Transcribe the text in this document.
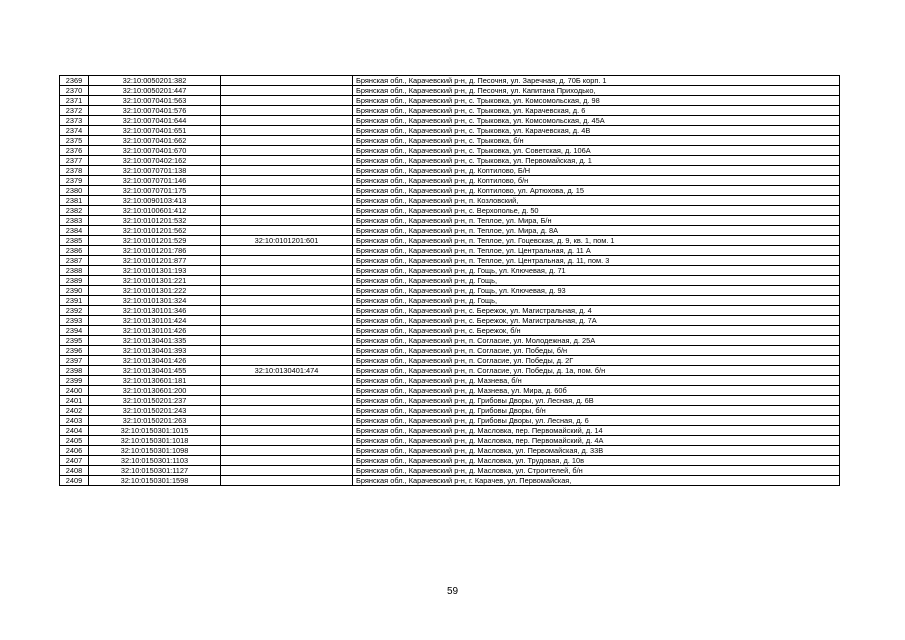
2369	32:10:0050201:382		Брянская обл., Карачевский р-н, д. Песочня, ул. Заречная, д. 70Б корп. 1
2370	32:10:0050201:447		Брянская обл., Карачевский р-н, д. Песочня, ул. Капитана Приходько,
2371	32:10:0070401:563		Брянская обл., Карачевский р-н, с. Трыковка, ул. Комсомольская, д. 98
2372	32:10:0070401:576		Брянская обл., Карачевский р-н, с. Трыковка, ул. Карачевская, д. 6
2373	32:10:0070401:644		Брянская обл., Карачевский р-н, с. Трыковка, ул. Комсомольская, д. 45А
2374	32:10:0070401:651		Брянская обл., Карачевский р-н, с. Трыковка, ул. Карачевская, д. 4В
2375	32:10:0070401:662		Брянская обл., Карачевский р-н, с. Трыковка, б/н
2376	32:10:0070401:670		Брянская обл., Карачевский р-н, с. Трыковка, ул. Советская, д. 106А
2377	32:10:0070402:162		Брянская обл., Карачевский р-н, с. Трыковка, ул. Первомайская, д. 1
2378	32:10:0070701:138		Брянская обл., Карачевский р-н, д. Коптилово, Б/Н
2379	32:10:0070701:146		Брянская обл., Карачевский р-н, д. Коптилово, б/н
2380	32:10:0070701:175		Брянская обл., Карачевский р-н, д. Коптилово, ул. Артюхова, д. 15
2381	32:10:0090103:413		Брянская обл., Карачевский р-н, п. Козловский,
2382	32:10:0100601:412		Брянская обл., Карачевский р-н, с. Верхополье, д. 50
2383	32:10:0101201:532		Брянская обл., Карачевский р-н, п. Теплое, ул. Мира, Б/н
2384	32:10:0101201:562		Брянская обл., Карачевский р-н, п. Теплое, ул. Мира, д. 8А
2385	32:10:0101201:529	32:10:0101201:601	Брянская обл., Карачевский р-н, п. Теплое, ул. Гоцевская, д. 9, кв. 1, пом. 1
2386	32:10:0101201:786		Брянская обл., Карачевский р-н, п. Теплое, ул. Центральная, д. 11 А
2387	32:10:0101201:877		Брянская обл., Карачевский р-н, п. Теплое, ул. Центральная, д. 11, пом. 3
2388	32:10:0101301:193		Брянская обл., Карачевский р-н, д. Гощь, ул. Ключевая, д. 71
2389	32:10:0101301:221		Брянская обл., Карачевский р-н, д. Гощь,
2390	32:10:0101301:222		Брянская обл., Карачевский р-н, д. Гощь, ул. Ключевая, д. 93
2391	32:10:0101301:324		Брянская обл., Карачевский р-н, д. Гощь,
2392	32:10:0130101:346		Брянская обл., Карачевский р-н, с. Бережок, ул. Магистральная, д. 4
2393	32:10:0130101:424		Брянская обл., Карачевский р-н, с. Бережок, ул. Магистральная, д. 7А
2394	32:10:0130101:426		Брянская обл., Карачевский р-н, с. Бережок, б/н
2395	32:10:0130401:335		Брянская обл., Карачевский р-н, п. Согласие, ул. Молодежная, д. 25А
2396	32:10:0130401:393		Брянская обл., Карачевский р-н, п. Согласие, ул. Победы, б/н
2397	32:10:0130401:426		Брянская обл., Карачевский р-н, п. Согласие, ул. Победы, д. 2Г
2398	32:10:0130401:455	32:10:0130401:474	Брянская обл., Карачевский р-н, п. Согласие, ул. Победы, д. 1а, пом. б/н
2399	32:10:0130601:181		Брянская обл., Карачевский р-н, д. Мазнева, б/н
2400	32:10:0130601:200		Брянская обл., Карачевский р-н, д. Мазнева, ул. Мира, д. 60б
2401	32:10:0150201:237		Брянская обл., Карачевский р-н, д. Грибовы Дворы, ул. Лесная, д. 6В
2402	32:10:0150201:243		Брянская обл., Карачевский р-н, д. Грибовы Дворы, б/н
2403	32:10:0150201:263		Брянская обл., Карачевский р-н, д. Грибовы Дворы, ул. Лесная, д. 6
2404	32:10:0150301:1015		Брянская обл., Карачевский р-н, д. Масловка, пер. Первомайский, д. 14
2405	32:10:0150301:1018		Брянская обл., Карачевский р-н, д. Масловка, пер. Первомайский, д. 4А
2406	32:10:0150301:1098		Брянская обл., Карачевский р-н, д. Масловка, ул. Первомайская, д. 33В
2407	32:10:0150301:1103		Брянская обл., Карачевский р-н, д. Масловка, ул. Трудовая, д. 10в
2408	32:10:0150301:1127		Брянская обл., Карачевский р-н, д. Масловка, ул. Строителей, б/н
2409	32:10:0150301:1598		Брянская обл., Карачевский р-н, г. Карачев, ул. Первомайская,
59
